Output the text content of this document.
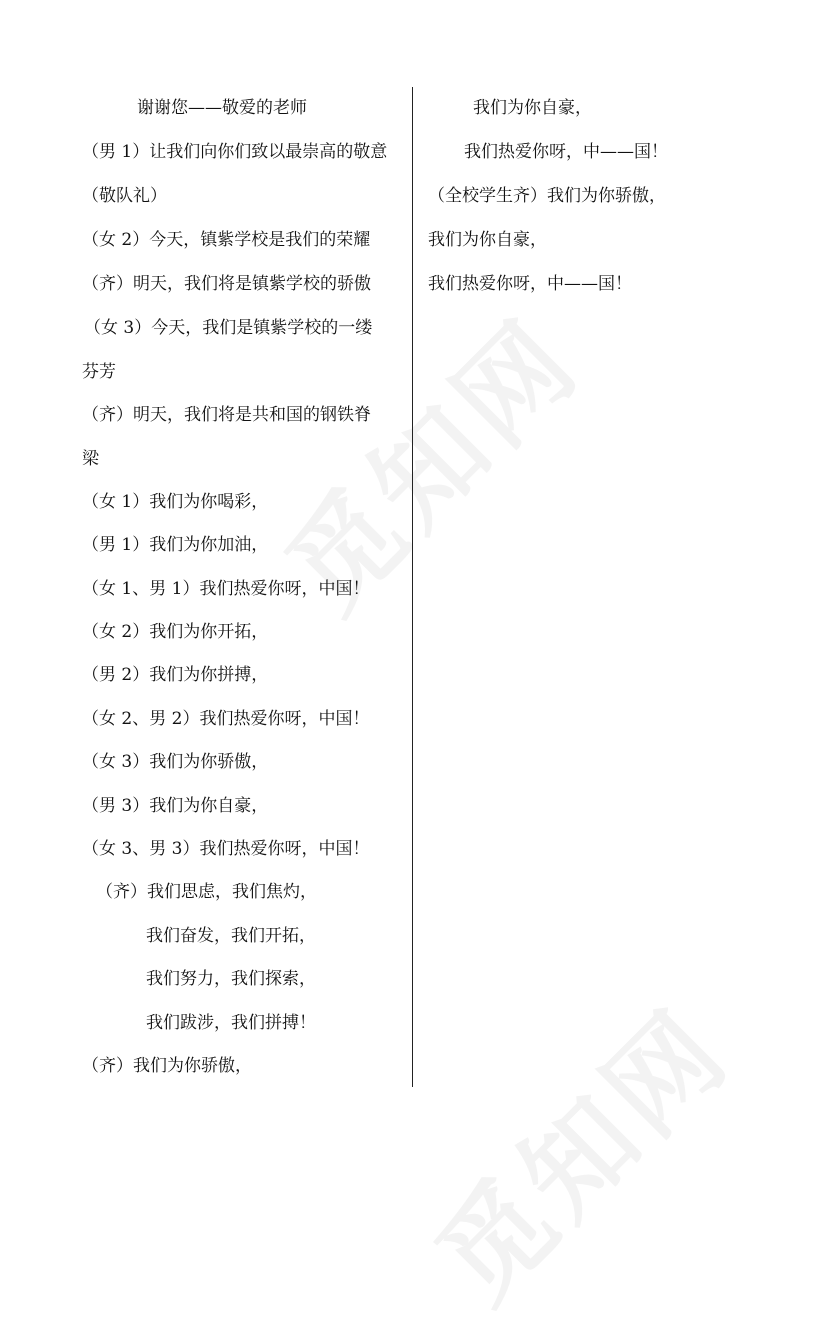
谢谢您——敬爱的老师
（男 1）让我们向你们致以最崇高的敬意
（敬队礼）
（女 2）今天，镇紫学校是我们的荣耀
（齐）明天，我们将是镇紫学校的骄傲
（女 3）今天，我们是镇紫学校的一缕
芬芳
（齐）明天，我们将是共和国的钢铁脊
梁
（女 1）我们为你喝彩，
（男 1）我们为你加油，
（女 1、男 1）我们热爱你呀，中国！
（女 2）我们为你开拓，
（男 2）我们为你拼搏，
（女 2、男 2）我们热爱你呀，中国！
（女 3）我们为你骄傲，
（男 3）我们为你自豪，
（女 3、男 3）我们热爱你呀，中国！
（齐）我们思虑，我们焦灼，
我们奋发，我们开拓，
我们努力，我们探索，
我们跋涉，我们拼搏！
（齐）我们为你骄傲，
我们为你自豪，
我们热爱你呀，中——国！
（全校学生齐）我们为你骄傲，
我们为你自豪，
我们热爱你呀，中——国！
